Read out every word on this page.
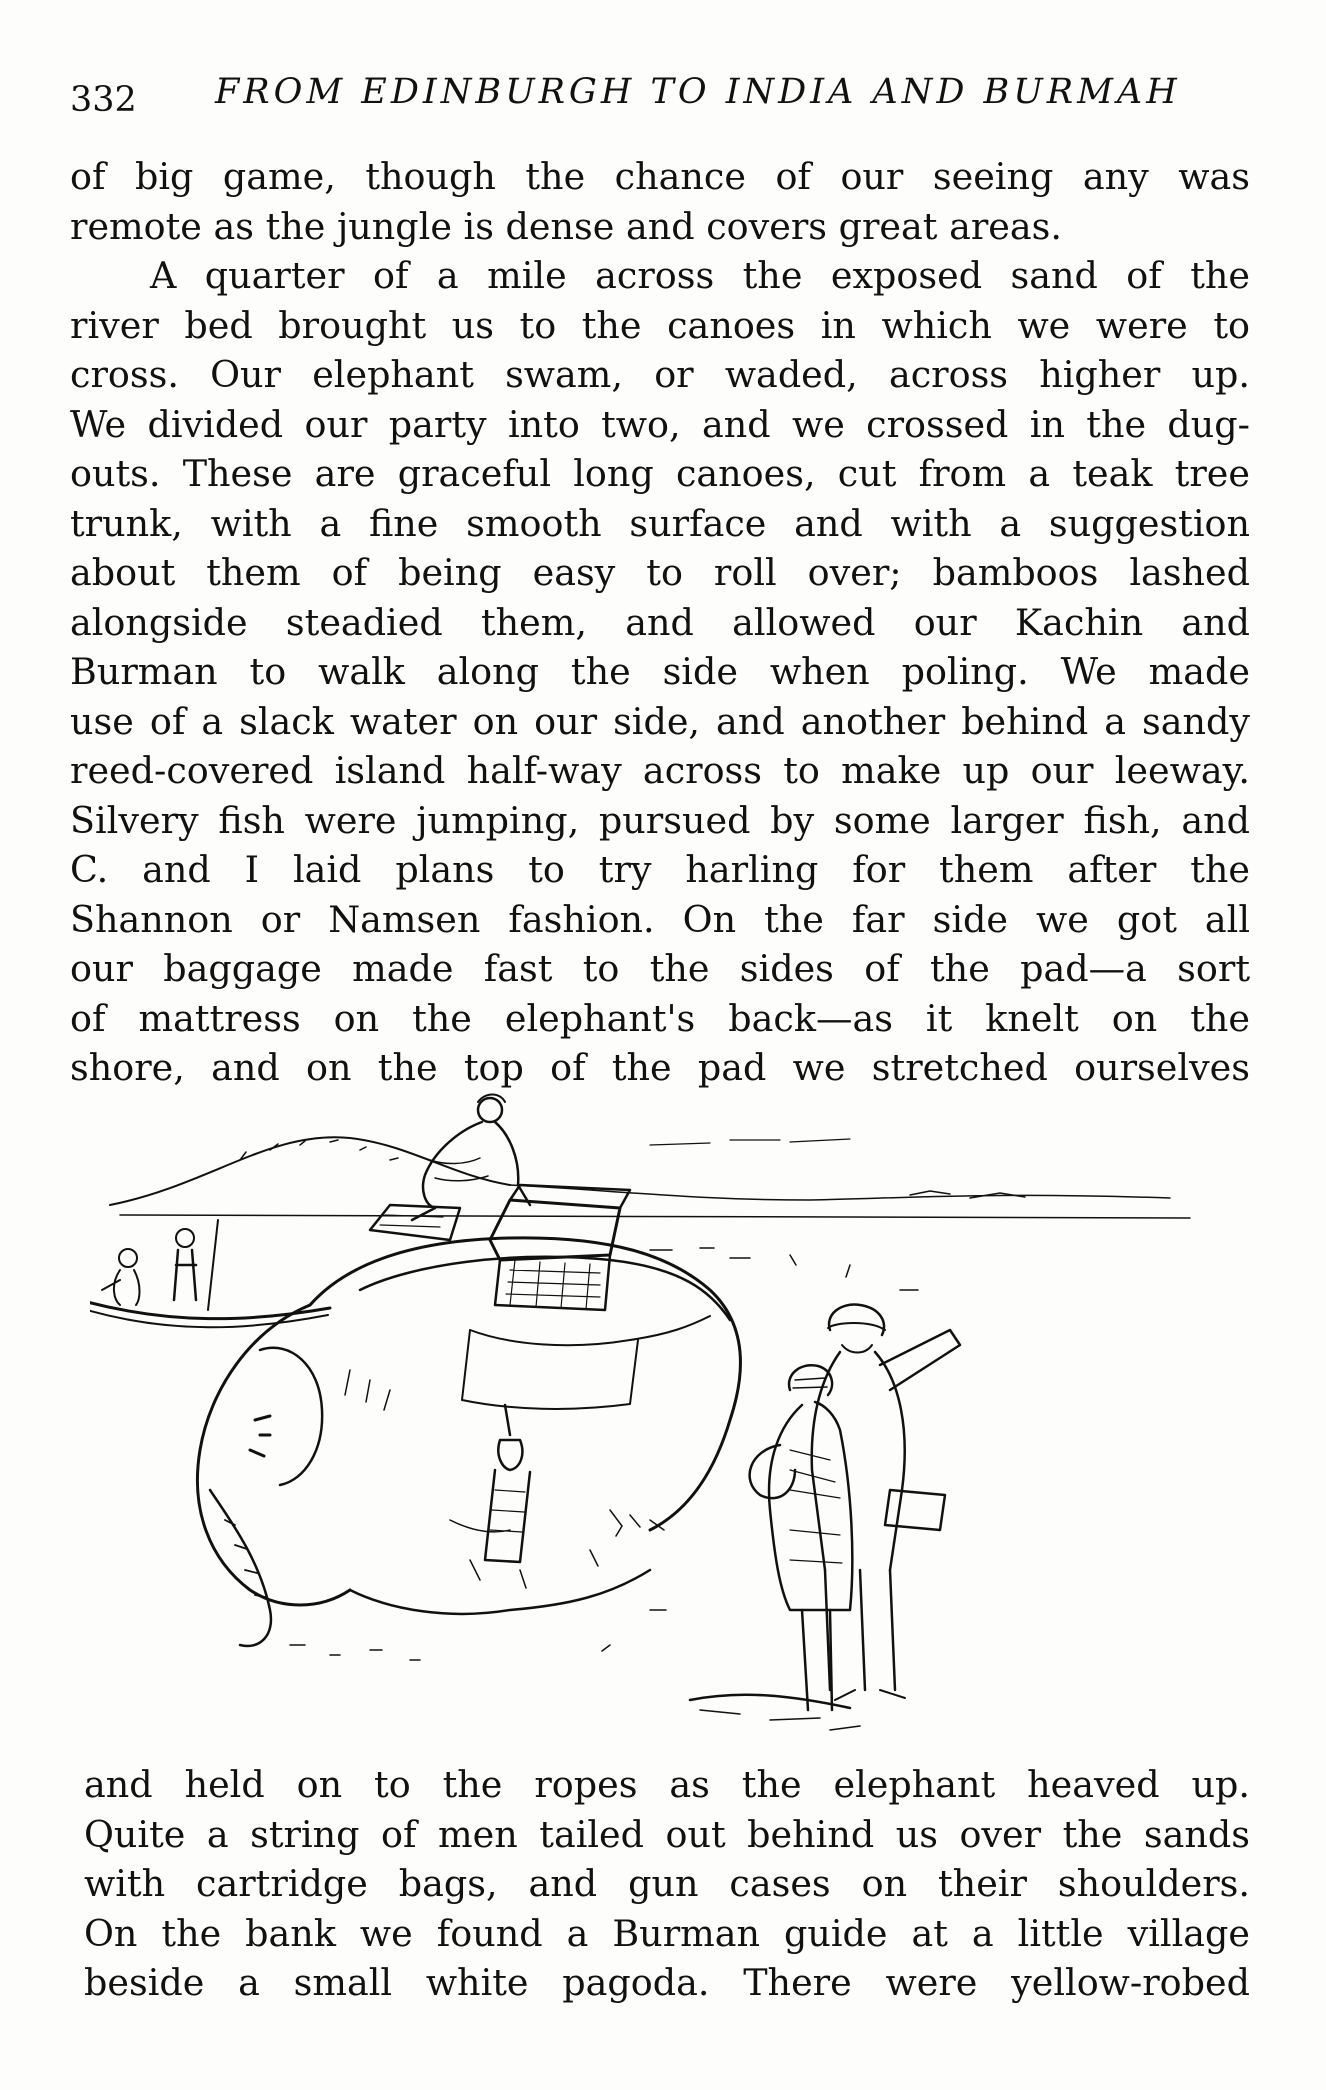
332 FROM EDINBURGH TO INDIA AND BURMAH
of big game, though the chance of our seeing any was
remote as the jungle is dense and covers great areas.
A quarter of a mile across the exposed sand of the
river bed brought us to the canoes in which we were to
cross. Our elephant swam, or waded, across higher up.
We divided our party into two, and we crossed in the dug-
outs. These are graceful long canoes, cut from a teak tree
trunk, with a fine smooth surface and with a suggestion
about them of being easy to roll over; bamboos lashed
alongside steadied them, and allowed our Kachin and
Burman to walk along the side when poling. We made
use of a slack water on our side, and another behind a sandy
reed-covered island half-way across to make up our leeway.
Silvery fish were jumping, pursued by some larger fish, and
C. and I laid plans to try harling for them after the
Shannon or Namsen fashion. On the far side we got all
our baggage made fast to the sides of the pad—a sort
of mattress on the elephant's back—as it knelt on the
shore, and on the top of the pad we stretched ourselves
and held on to the ropes as the elephant heaved up.
Quite a string of men tailed out behind us over the sands
with cartridge bags, and gun cases on their shoulders.
On the bank we found a Burman guide at a little village
beside a small white pagoda. There were yellow-robed
